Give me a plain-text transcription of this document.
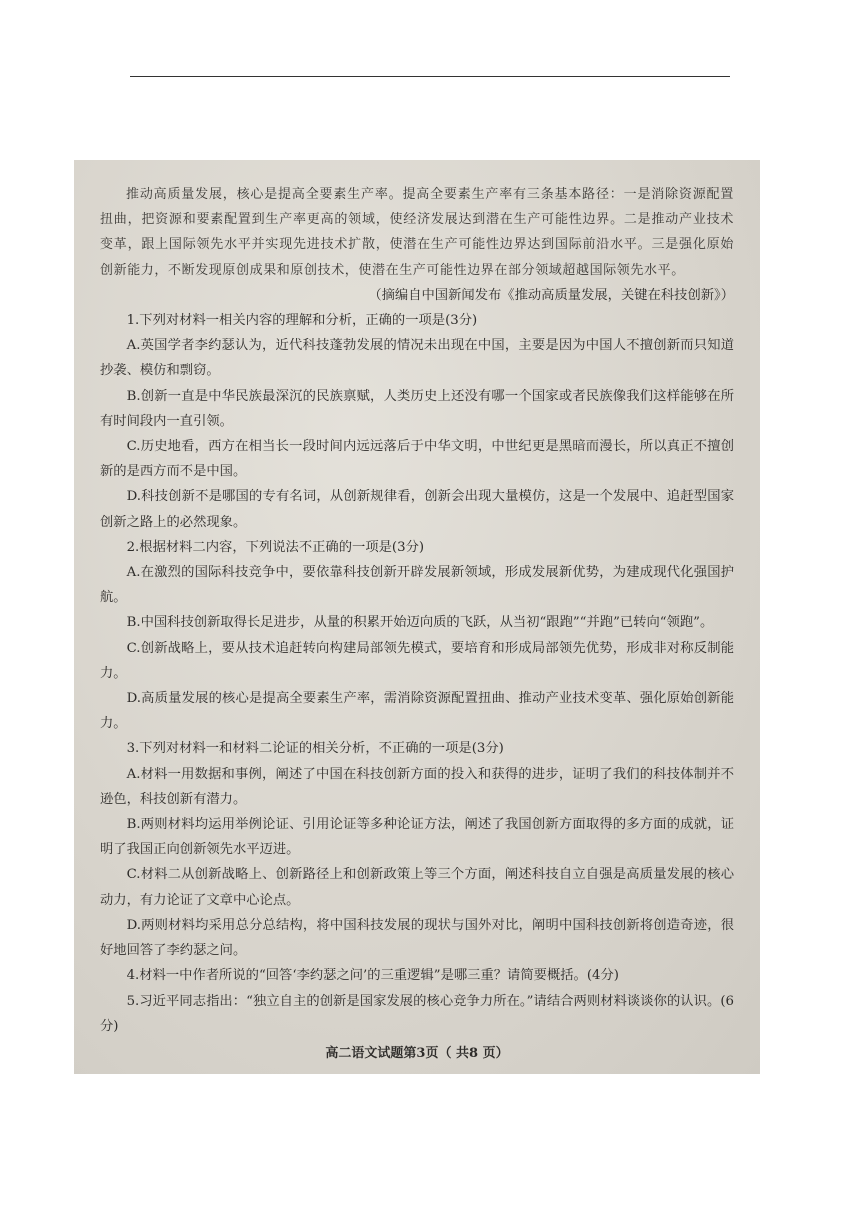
推动高质量发展，核心是提高全要素生产率。提高全要素生产率有三条基本路径：一是消除资源配置扭曲，把资源和要素配置到生产率更高的领域，使经济发展达到潜在生产可能性边界。二是推动产业技术变革，跟上国际领先水平并实现先进技术扩散，使潜在生产可能性边界达到国际前沿水平。三是强化原始创新能力，不断发现原创成果和原创技术，使潜在生产可能性边界在部分领域超越国际领先水平。

（摘编自中国新闻发布《推动高质量发展，关键在科技创新》）

1.下列对材料一相关内容的理解和分析，正确的一项是(3分)

A.英国学者李约瑟认为，近代科技蓬勃发展的情况未出现在中国，主要是因为中国人不擅创新而只知道抄袭、模仿和剽窃。

B.创新一直是中华民族最深沉的民族禀赋，人类历史上还没有哪一个国家或者民族像我们这样能够在所有时间段内一直引领。

C.历史地看，西方在相当长一段时间内远远落后于中华文明，中世纪更是黑暗而漫长，所以真正不擅创新的是西方而不是中国。

D.科技创新不是哪国的专有名词，从创新规律看，创新会出现大量模仿，这是一个发展中、追赶型国家创新之路上的必然现象。

2.根据材料二内容，下列说法不正确的一项是(3分)

A.在激烈的国际科技竞争中，要依靠科技创新开辟发展新领域，形成发展新优势，为建成现代化强国护航。

B.中国科技创新取得长足进步，从量的积累开始迈向质的飞跃，从当初“跟跑”“并跑”已转向“领跑”。

C.创新战略上，要从技术追赶转向构建局部领先模式，要培育和形成局部领先优势，形成非对称反制能力。

D.高质量发展的核心是提高全要素生产率，需消除资源配置扭曲、推动产业技术变革、强化原始创新能力。

3.下列对材料一和材料二论证的相关分析，不正确的一项是(3分)

A.材料一用数据和事例，阐述了中国在科技创新方面的投入和获得的进步，证明了我们的科技体制并不逊色，科技创新有潜力。

B.两则材料均运用举例论证、引用论证等多种论证方法，阐述了我国创新方面取得的多方面的成就，证明了我国正向创新领先水平迈进。

C.材料二从创新战略上、创新路径上和创新政策上等三个方面，阐述科技自立自强是高质量发展的核心动力，有力论证了文章中心论点。

D.两则材料均采用总分总结构，将中国科技发展的现状与国外对比，阐明中国科技创新将创造奇迹，很好地回答了李约瑟之问。

4.材料一中作者所说的“回答‘李约瑟之问’的三重逻辑”是哪三重？请简要概括。(4分)

5.习近平同志指出：“独立自主的创新是国家发展的核心竞争力所在。”请结合两则材料谈谈你的认识。(6分)

高二语文试题第3页（ 共8 页）
